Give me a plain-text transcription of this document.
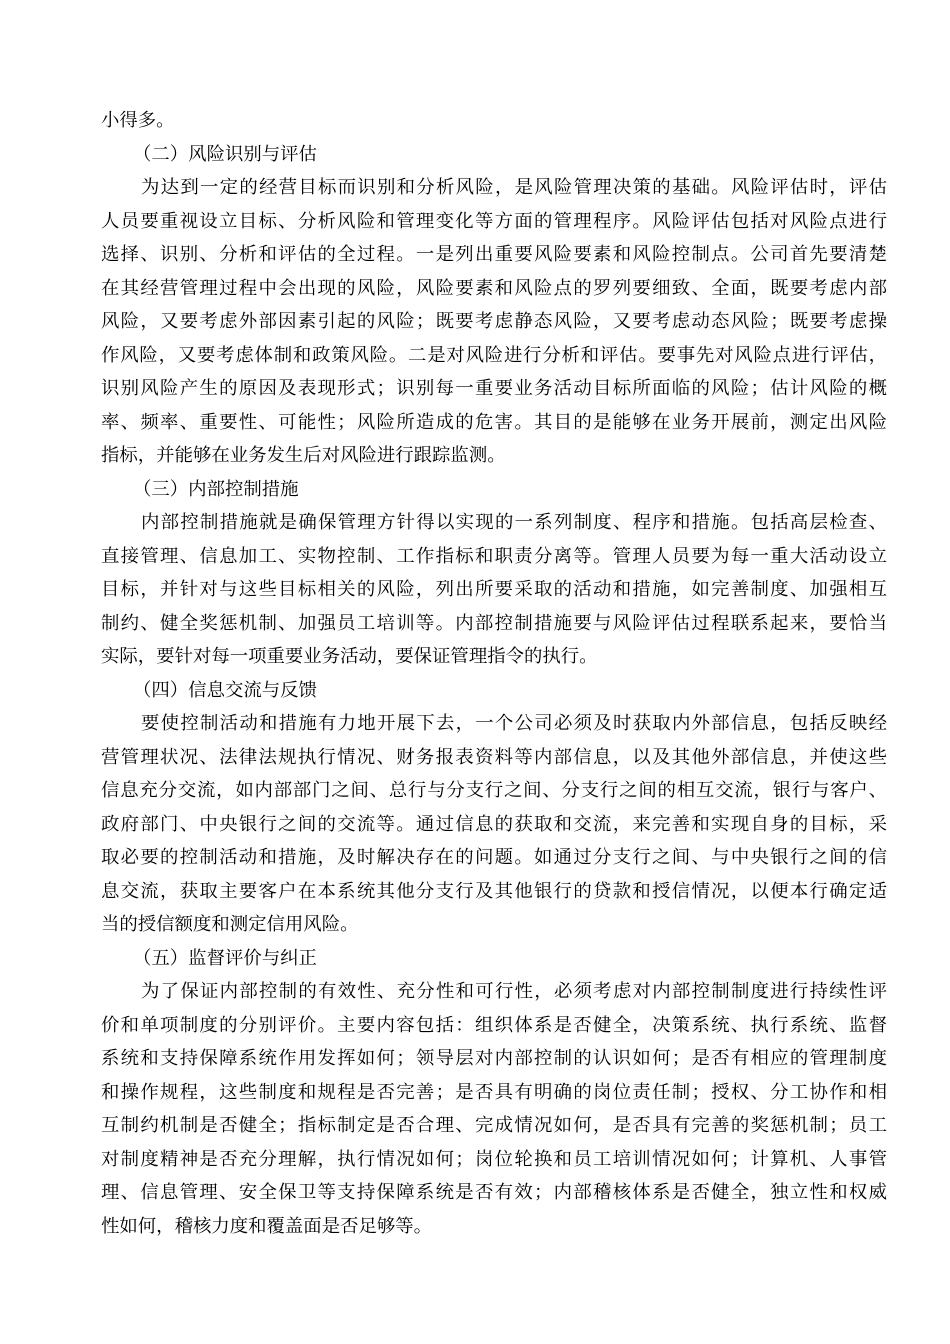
小得多。
（二）风险识别与评估
为达到一定的经营目标而识别和分析风险，是风险管理决策的基础。风险评估时，评估
人员要重视设立目标、分析风险和管理变化等方面的管理程序。风险评估包括对风险点进行
选择、识别、分析和评估的全过程。一是列出重要风险要素和风险控制点。公司首先要清楚
在其经营管理过程中会出现的风险，风险要素和风险点的罗列要细致、全面，既要考虑内部
风险，又要考虑外部因素引起的风险；既要考虑静态风险，又要考虑动态风险；既要考虑操
作风险，又要考虑体制和政策风险。二是对风险进行分析和评估。要事先对风险点进行评估，
识别风险产生的原因及表现形式；识别每一重要业务活动目标所面临的风险；估计风险的概
率、频率、重要性、可能性；风险所造成的危害。其目的是能够在业务开展前，测定出风险
指标，并能够在业务发生后对风险进行跟踪监测。
（三）内部控制措施
内部控制措施就是确保管理方针得以实现的一系列制度、程序和措施。包括高层检查、
直接管理、信息加工、实物控制、工作指标和职责分离等。管理人员要为每一重大活动设立
目标，并针对与这些目标相关的风险，列出所要采取的活动和措施，如完善制度、加强相互
制约、健全奖惩机制、加强员工培训等。内部控制措施要与风险评估过程联系起来，要恰当
实际，要针对每一项重要业务活动，要保证管理指令的执行。
（四）信息交流与反馈
要使控制活动和措施有力地开展下去，一个公司必须及时获取内外部信息，包括反映经
营管理状况、法律法规执行情况、财务报表资料等内部信息，以及其他外部信息，并使这些
信息充分交流，如内部部门之间、总行与分支行之间、分支行之间的相互交流，银行与客户、
政府部门、中央银行之间的交流等。通过信息的获取和交流，来完善和实现自身的目标，采
取必要的控制活动和措施，及时解决存在的问题。如通过分支行之间、与中央银行之间的信
息交流，获取主要客户在本系统其他分支行及其他银行的贷款和授信情况，以便本行确定适
当的授信额度和测定信用风险。
（五）监督评价与纠正
为了保证内部控制的有效性、充分性和可行性，必须考虑对内部控制制度进行持续性评
价和单项制度的分别评价。主要内容包括：组织体系是否健全，决策系统、执行系统、监督
系统和支持保障系统作用发挥如何；领导层对内部控制的认识如何；是否有相应的管理制度
和操作规程，这些制度和规程是否完善；是否具有明确的岗位责任制；授权、分工协作和相
互制约机制是否健全；指标制定是否合理、完成情况如何，是否具有完善的奖惩机制；员工
对制度精神是否充分理解，执行情况如何；岗位轮换和员工培训情况如何；计算机、人事管
理、信息管理、安全保卫等支持保障系统是否有效；内部稽核体系是否健全，独立性和权威
性如何，稽核力度和覆盖面是否足够等。
